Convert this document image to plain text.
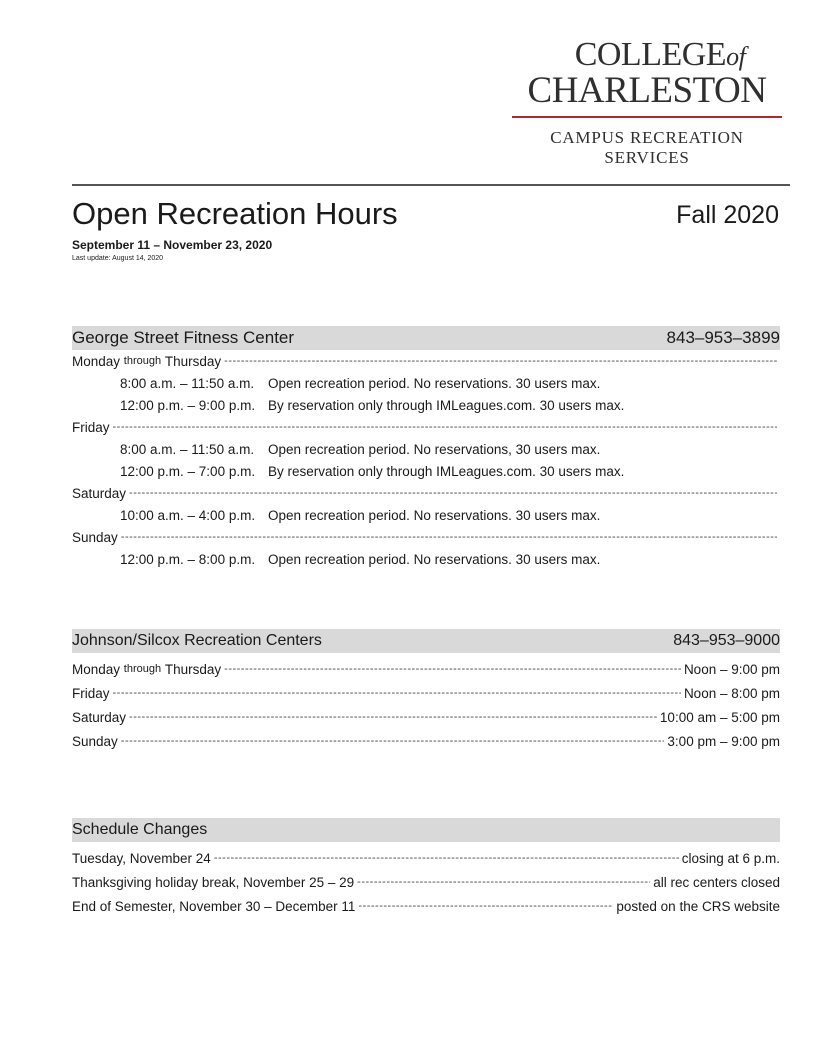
COLLEGEof
CHARLESTON
CAMPUS RECREATION
SERVICES
Open Recreation Hours	Fall 2020
September 11 – November 23, 2020
Last update: August 14, 2020
George Street Fitness Center	843–953–3899
Monday
through
Thursday
-----
8:00 a.m. – 11:50 a.m.	Open recreation period. No reservations. 30 users max.
12:00 p.m. – 9:00 p.m. By reservation only through IMLeagues.com. 30 users max.
Friday
-----
8:00 a.m. – 11:50 a.m.	Open recreation period. No reservations, 30 users max.
12:00 p.m. – 7:00 p.m. By reservation only through IMLeagues.com. 30 users max.
Saturday
-----
10:00 a.m. – 4:00 p.m. Open recreation period. No reservations. 30 users max.
Sunday
-----
12:00 p.m. – 8:00 p.m. Open recreation period. No reservations. 30 users max.
Johnson/Silcox Recreation Centers	843–953–9000
Monday
through
Thursday -----	Noon – 9:00 pm
Friday -----	Noon – 8:00 pm
Saturday -----	10:00 am – 5:00 pm
Sunday -----	3:00 pm – 9:00 pm
Schedule Changes
Tuesday, November 24 -----	closing at 6 p.m.
Thanksgiving holiday break, November 25 – 29 -----	all rec centers closed
End of Semester, November 30 – December 11 -----	posted on the CRS website
